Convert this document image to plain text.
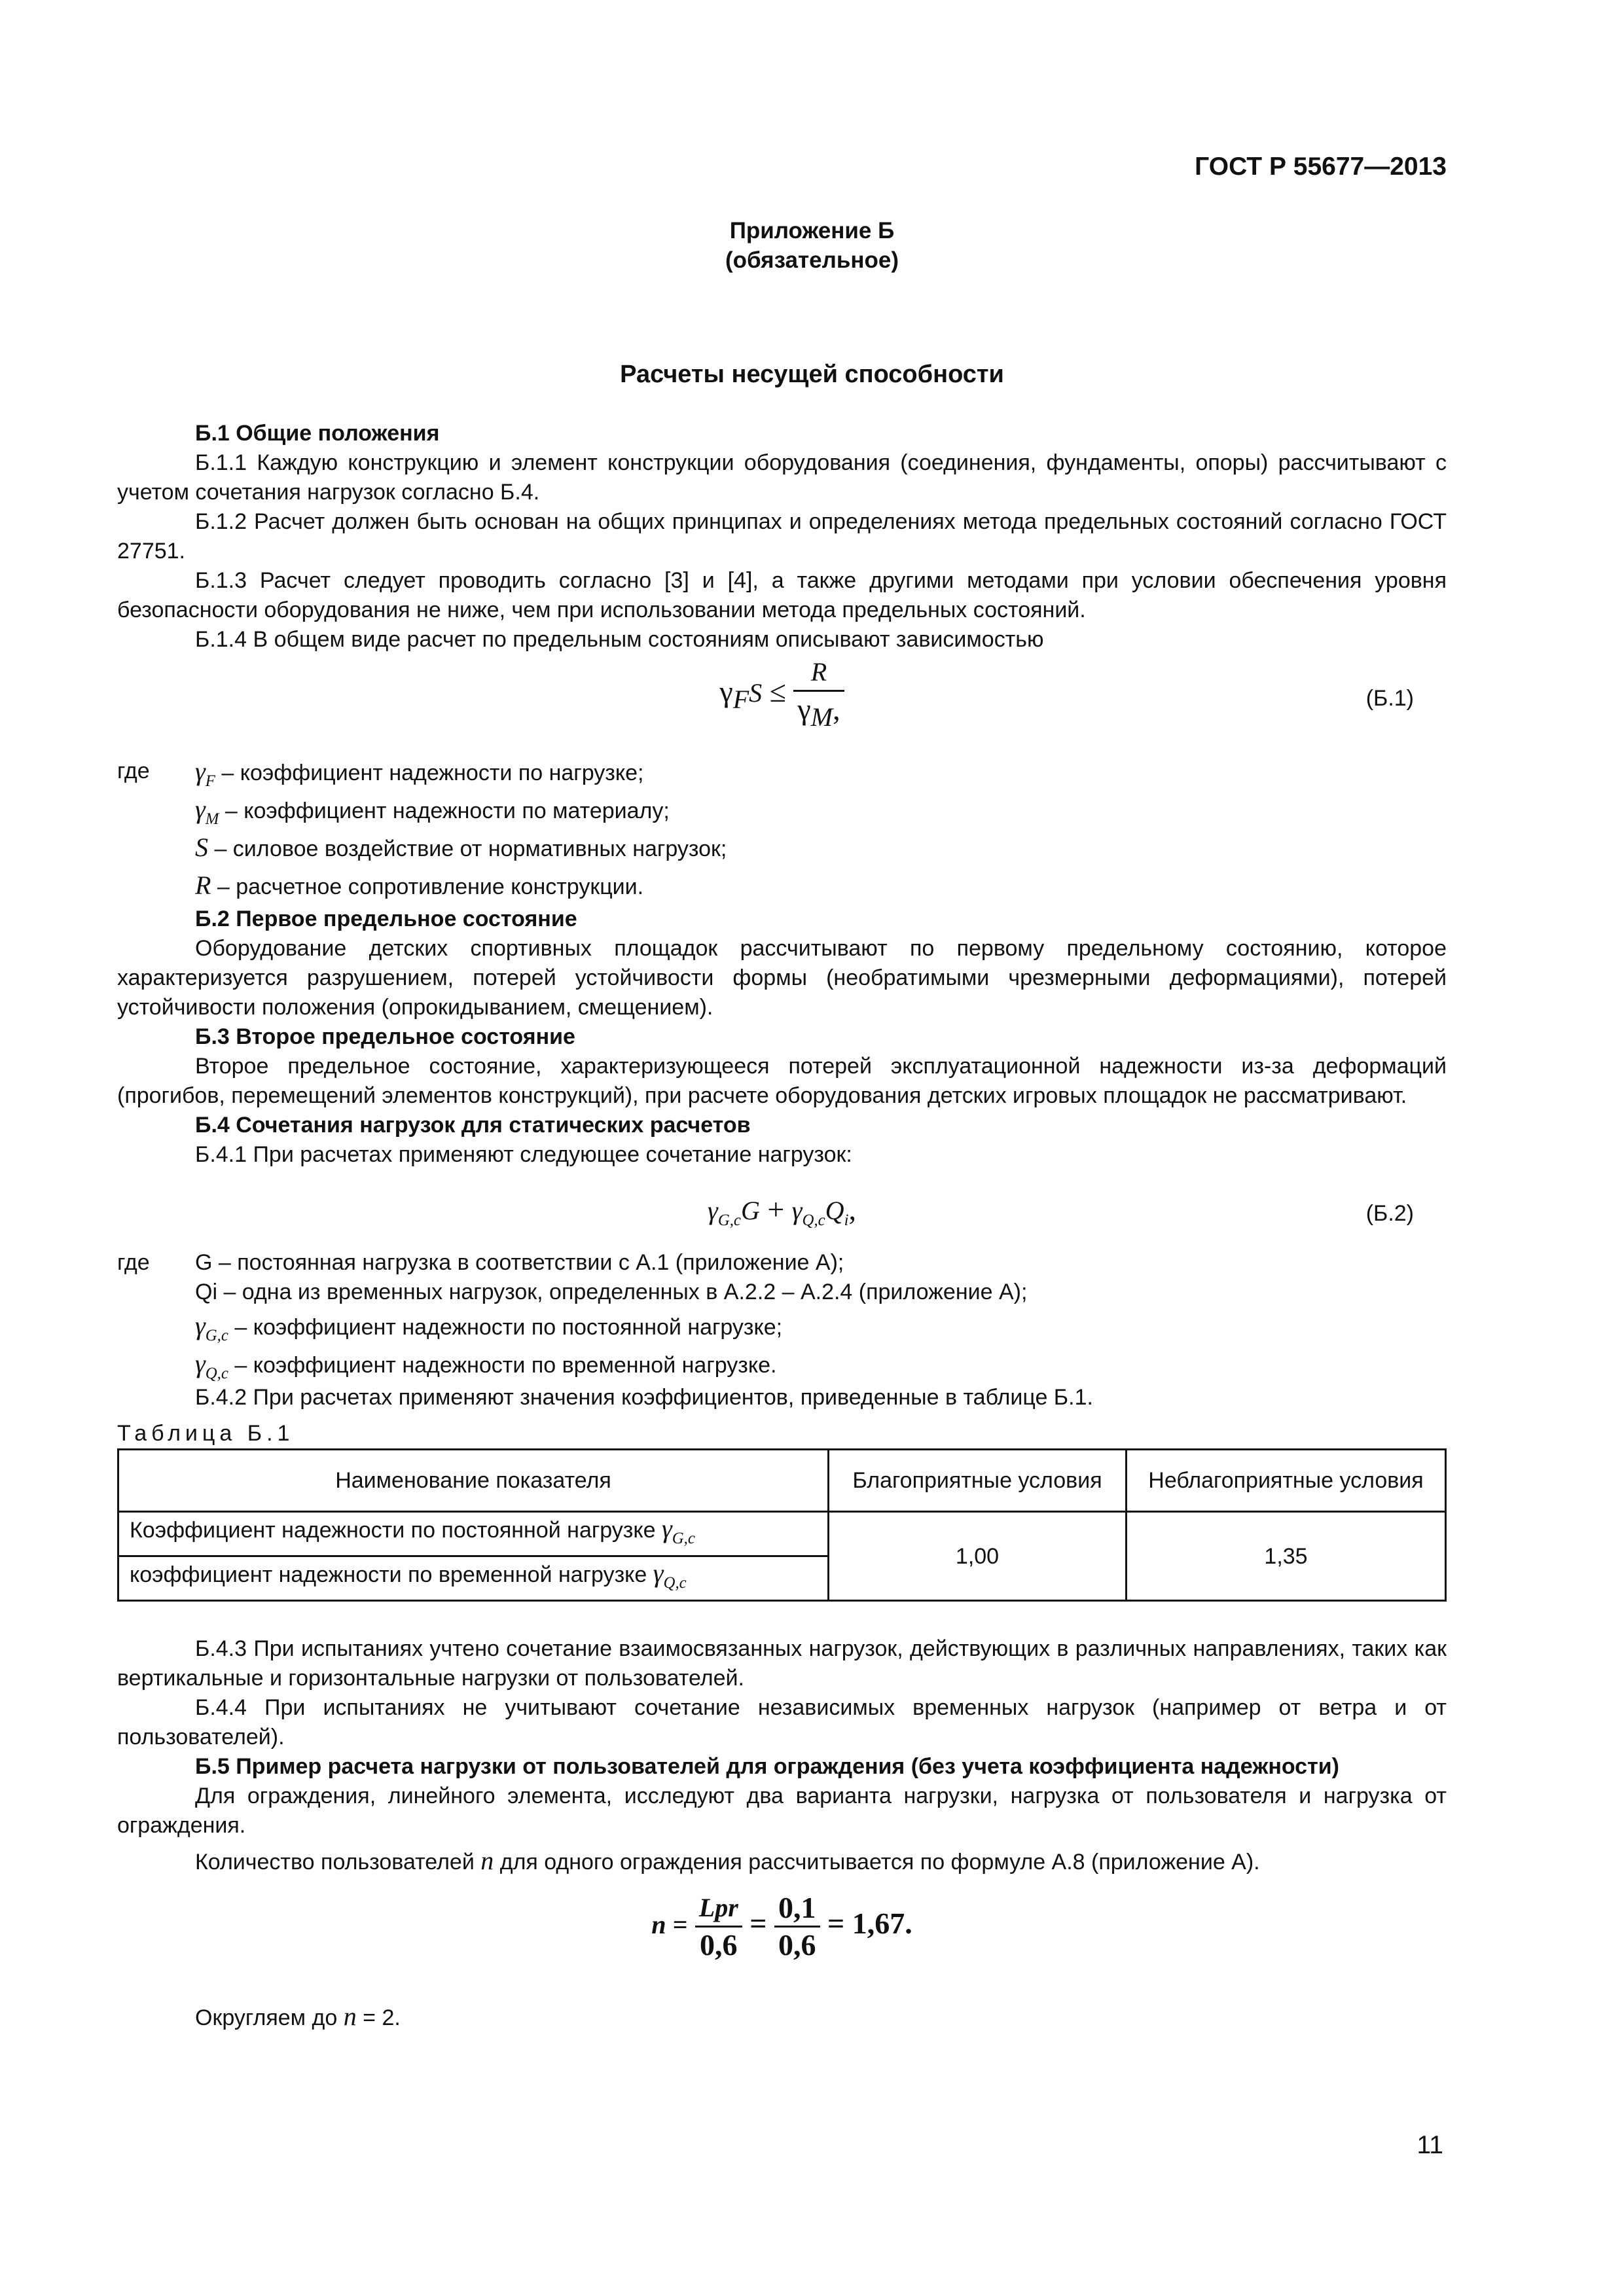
ГОСТ Р 55677—2013
Приложение Б
(обязательное)
Расчеты несущей способности

Б.1 Общие положения

Б.1.1 Каждую конструкцию и элемент конструкции оборудования (соединения, фундаменты, опоры) рассчитывают с учетом сочетания нагрузок согласно Б.4.

Б.1.2 Расчет должен быть основан на общих принципах и определениях метода предельных состояний согласно ГОСТ 27751.

Б.1.3 Расчет следует проводить согласно [3] и [4], а также другими методами при условии обеспечения уровня безопасности оборудования не ниже, чем при использовании метода предельных состояний.

Б.1.4 В общем виде расчет по предельным состояниям описывают зависимостью

$\gamma_FS \le \frac{R}{\gamma_M,}$	(Б.1)
где	$\gamma_F$ – коэффициент надежности по нагрузке;
$\gamma_M$ – коэффициент надежности по материалу;
S – силовое воздействие от нормативных нагрузок;
R – расчетное сопротивление конструкции.

Б.2 Первое предельное состояние

Оборудование детских спортивных площадок рассчитывают по первому предельному состоянию, которое характеризуется разрушением, потерей устойчивости формы (необратимыми чрезмерными деформациями), потерей устойчивости положения (опрокидыванием, смещением).

Б.3 Второе предельное состояние

Второе предельное состояние, характеризующееся потерей эксплуатационной надежности из-за деформаций (прогибов, перемещений элементов конструкций), при расчете оборудования детских игровых площадок не рассматривают.

Б.4 Сочетания нагрузок для статических расчетов

Б.4.1 При расчетах применяют следующее сочетание нагрузок:

$\gamma_{G,c}G + \gamma_{Q,c}Q_i$,	(Б.2)
где	G – постоянная нагрузка в соответствии с А.1 (приложение А);
Qi – одна из временных нагрузок, определенных в А.2.2 – А.2.4 (приложение А);
$\gamma_{G,c}$ – коэффициент надежности по постоянной нагрузке;
$\gamma_{Q,c}$ – коэффициент надежности по временной нагрузке.

Б.4.2 При расчетах применяют значения коэффициентов, приведенные в таблице Б.1.

Таблица Б.1

Наименование показателя	Благоприятные условия	Неблагоприятные условия
Коэффициент надежности по постоянной нагрузке $\gamma_{G,c}$	1,00	1,35
коэффициент надежности по временной нагрузке $\gamma_{Q,c}$

Б.4.3 При испытаниях учтено сочетание взаимосвязанных нагрузок, действующих в различных направлениях, таких как вертикальные и горизонтальные нагрузки от пользователей.

Б.4.4 При испытаниях не учитывают сочетание независимых временных нагрузок (например от ветра и от пользователей).

Б.5 Пример расчета нагрузки от пользователей для ограждения (без учета коэффициента надежности)

Для ограждения, линейного элемента, исследуют два варианта нагрузки, нагрузка от пользователя и нагрузка от ограждения.

Количество пользователей n для одного ограждения рассчитывается по формуле А.8 (приложение А).

$n = \frac{\text{Lpr}}{0,6} = \frac{0,1}{0,6} = 1,67$.

Округляем до n = 2.

11
